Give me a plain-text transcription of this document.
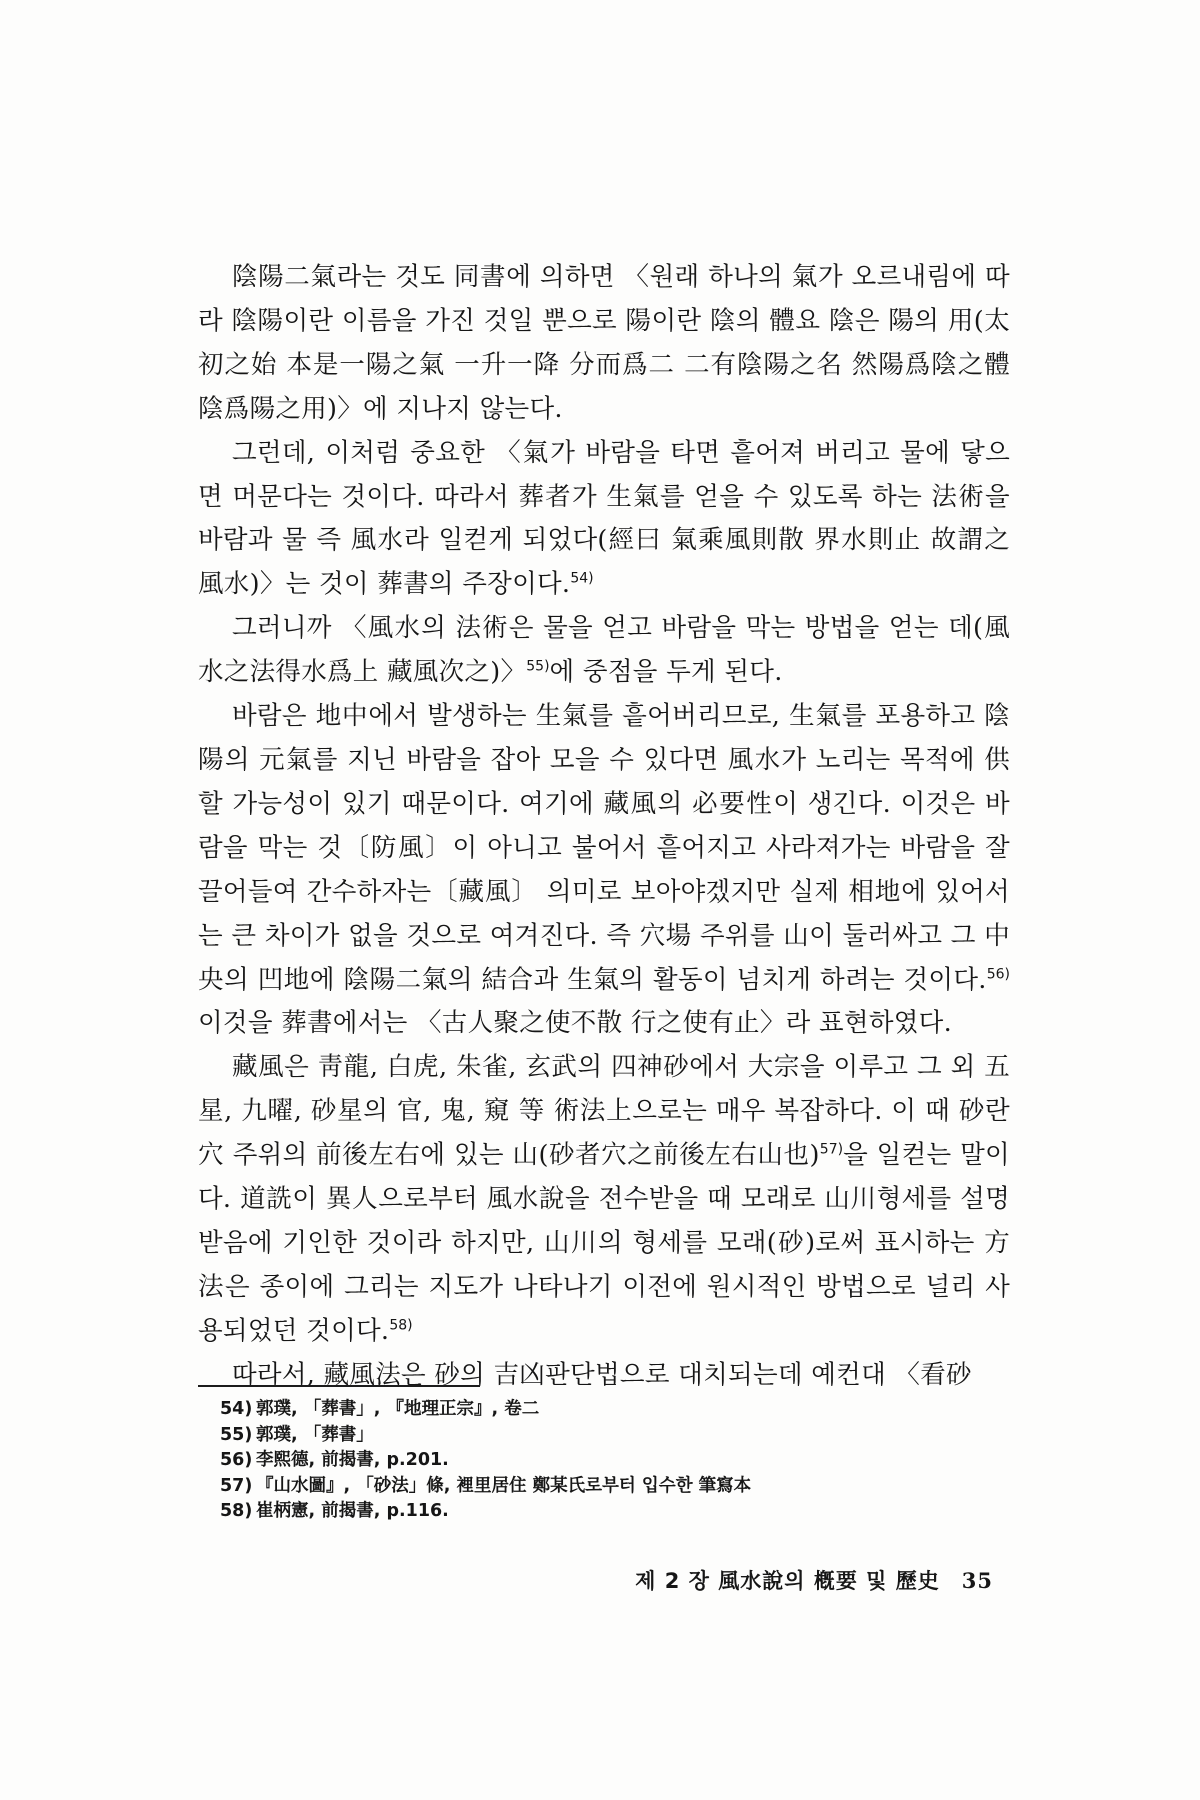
陰陽二氣라는 것도 同書에 의하면 〈원래 하나의 氣가 오르내림에 따라 陰陽이란 이름을 가진 것일 뿐으로 陽이란 陰의 體요 陰은 陽의 用(太初之始 本是一陽之氣 一升一降 分而爲二 二有陰陽之名 然陽爲陰之體 陰爲陽之用)〉에 지나지 않는다.

그런데, 이처럼 중요한 〈氣가 바람을 타면 흩어져 버리고 물에 닿으면 머문다는 것이다. 따라서 葬者가 生氣를 얻을 수 있도록 하는 法術을 바람과 물 즉 風水라 일컫게 되었다(經曰 氣乘風則散 界水則止 故謂之風水)〉는 것이 葬書의 주장이다.$^{54)}$

그러니까 〈風水의 法術은 물을 얻고 바람을 막는 방법을 얻는 데(風水之法得水爲上 藏風次之)〉$^{55)}$에 중점을 두게 된다.

바람은 地中에서 발생하는 生氣를 흩어버리므로, 生氣를 포용하고 陰陽의 元氣를 지닌 바람을 잡아 모을 수 있다면 風水가 노리는 목적에 供할 가능성이 있기 때문이다. 여기에 藏風의 必要性이 생긴다. 이것은 바람을 막는 것〔防風〕이 아니고 불어서 흩어지고 사라져가는 바람을 잘 끌어들여 간수하자는〔藏風〕 의미로 보아야겠지만 실제 相地에 있어서는 큰 차이가 없을 것으로 여겨진다. 즉 穴場 주위를 山이 둘러싸고 그 中央의 凹地에 陰陽二氣의 結合과 生氣의 활동이 넘치게 하려는 것이다.$^{56)}$ 이것을 葬書에서는 〈古人聚之使不散 行之使有止〉라 표현하였다.

藏風은 靑龍, 白虎, 朱雀, 玄武의 四神砂에서 大宗을 이루고 그 외 五星, 九曜, 砂星의 官, 鬼, 窺 等 術法上으로는 매우 복잡하다. 이 때 砂란 穴 주위의 前後左右에 있는 山(砂者穴之前後左右山也)$^{57)}$을 일컫는 말이다. 道詵이 異人으로부터 風水說을 전수받을 때 모래로 山川형세를 설명받음에 기인한 것이라 하지만, 山川의 형세를 모래(砂)로써 표시하는 方法은 종이에 그리는 지도가 나타나기 이전에 원시적인 방법으로 널리 사용되었던 것이다.$^{58)}$

따라서, 藏風法은 砂의 吉凶판단법으로 대치되는데 예컨대 〈看砂

54) 郭璞, 「葬書」, 『地理正宗』, 卷二
55) 郭璞, 「葬書」
56) 李熙德, 前揭書, p.201.
57) 『山水圖』, 「砂法」條, 裡里居住 鄭某氏로부터 입수한 筆寫本
58) 崔柄憲, 前揭書, p.116.
제 2 장 風水說의 槪要 및 歷史 35
